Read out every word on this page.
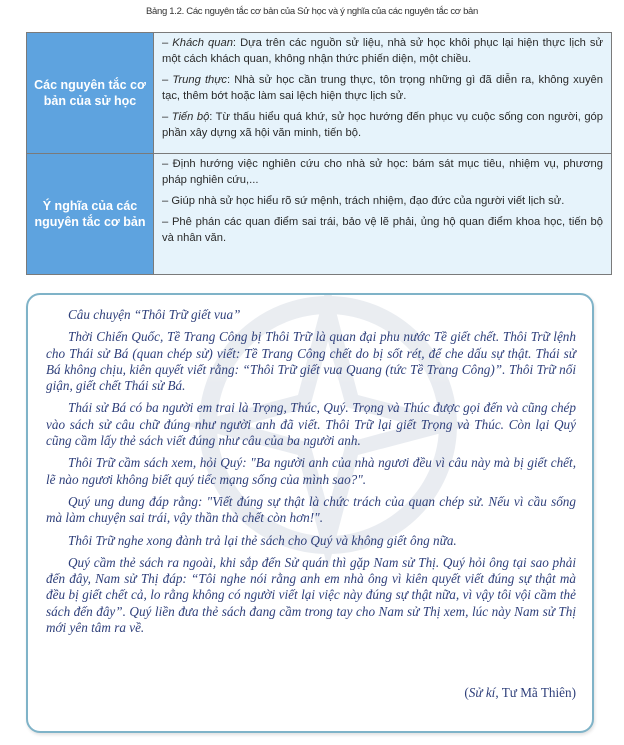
Bảng 1.2. Các nguyên tắc cơ bản của Sử học và ý nghĩa của các nguyên tắc cơ bản
Các nguyên tắc cơ bản của sử học

– Khách quan: Dựa trên các nguồn sử liệu, nhà sử học khôi phục lại hiện thực lịch sử một cách khách quan, không nhận thức phiến diện, một chiều.

– Trung thực: Nhà sử học cần trung thực, tôn trọng những gì đã diễn ra, không xuyên tạc, thêm bớt hoặc làm sai lệch hiện thực lịch sử.

– Tiến bộ: Từ thấu hiểu quá khứ, sử học hướng đến phục vụ cuộc sống con người, góp phần xây dựng xã hội văn minh, tiến bộ.

Ý nghĩa của các nguyên tắc cơ bản

– Định hướng việc nghiên cứu cho nhà sử học: bám sát mục tiêu, nhiệm vụ, phương pháp nghiên cứu,...

– Giúp nhà sử học hiểu rõ sứ mệnh, trách nhiệm, đạo đức của người viết lịch sử.

– Phê phán các quan điểm sai trái, bảo vệ lẽ phải, ủng hộ quan điểm khoa học, tiến bộ và nhân văn.

Câu chuyện “Thôi Trữ giết vua”

Thời Chiến Quốc, Tề Trang Công bị Thôi Trữ là quan đại phu nước Tề giết chết. Thôi Trữ lệnh cho Thái sử Bá (quan chép sử) viết: Tề Trang Công chết do bị sốt rét, để che dấu sự thật. Thái sử Bá không chịu, kiên quyết viết rằng: “Thôi Trữ giết vua Quang (tức Tề Trang Công)”. Thôi Trữ nổi giận, giết chết Thái sử Bá.

Thái sử Bá có ba người em trai là Trọng, Thúc, Quý. Trọng và Thúc được gọi đến và cũng chép vào sách sử câu chữ đúng như người anh đã viết. Thôi Trữ lại giết Trọng và Thúc. Còn lại Quý cũng cầm lấy thẻ sách viết đúng như câu của ba người anh.

Thôi Trữ cầm sách xem, hỏi Quý: "Ba người anh của nhà ngươi đều vì câu này mà bị giết chết, lẽ nào ngươi không biết quý tiếc mạng sống của mình sao?".

Quý ung dung đáp rằng: "Viết đúng sự thật là chức trách của quan chép sử. Nếu vì cầu sống mà làm chuyện sai trái, vậy thần thà chết còn hơn!".

Thôi Trữ nghe xong đành trả lại thẻ sách cho Quý và không giết ông nữa.

Quý cầm thẻ sách ra ngoài, khi sắp đến Sử quán thì gặp Nam sử Thị. Quý hỏi ông tại sao phải đến đây, Nam sử Thị đáp: “Tôi nghe nói rằng anh em nhà ông vì kiên quyết viết đúng sự thật mà đều bị giết chết cả, lo rằng không có người viết lại việc này đúng sự thật nữa, vì vậy tôi vội cầm thẻ sách đến đây”. Quý liền đưa thẻ sách đang cầm trong tay cho Nam sử Thị xem, lúc này Nam sử Thị mới yên tâm ra về.

(Sử kí, Tư Mã Thiên)
